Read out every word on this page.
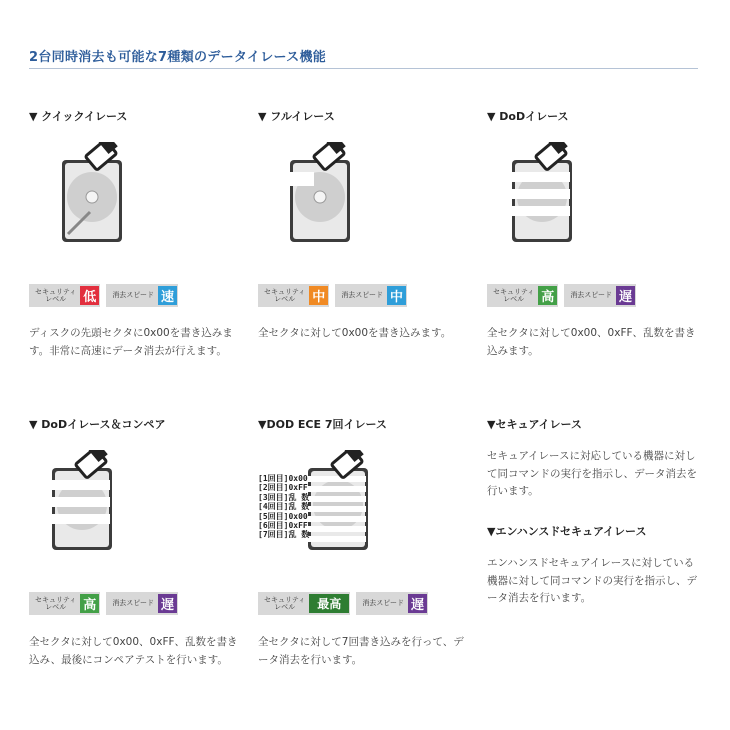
2台同時消去も可能な7種類のデータイレース機能
▼ クイックイレース
セキュリティ
レベル	低	消去スピード 速
ディスクの先頭セクタに0x00を書き込みます。非常に高速にデータ消去が行えます。
▼ フルイレース
セキュリティ
レベル	中	消去スピード 中
全セクタに対して0x00を書き込みます。
▼ DoDイレース
セキュリティ
レベル	高	消去スピード 遅
全セクタに対して0x00、0xFF、乱数を書き込みます。
▼ DoDイレース＆コンペア
セキュリティ
レベル	高	消去スピード 遅
全セクタに対して0x00、0xFF、乱数を書き込み、最後にコンペアテストを行います。
▼DOD ECE 7回イレース
[1回目]0x00
[2回目]0xFF
[3回目]乱 数
[4回目]乱 数
[5回目]0x00
[6回目]0xFF
[7回目]乱 数
セキュリティ
レベル	最高	消去スピード 遅
全セクタに対して7回書き込みを行って、データ消去を行います。
▼セキュアイレース
セキュアイレースに対応している機器に対して同コマンドの実行を指示し、データ消去を行います。
▼エンハンスドセキュアイレース
エンハンスドセキュアイレースに対している機器に対して同コマンドの実行を指示し、データ消去を行います。
